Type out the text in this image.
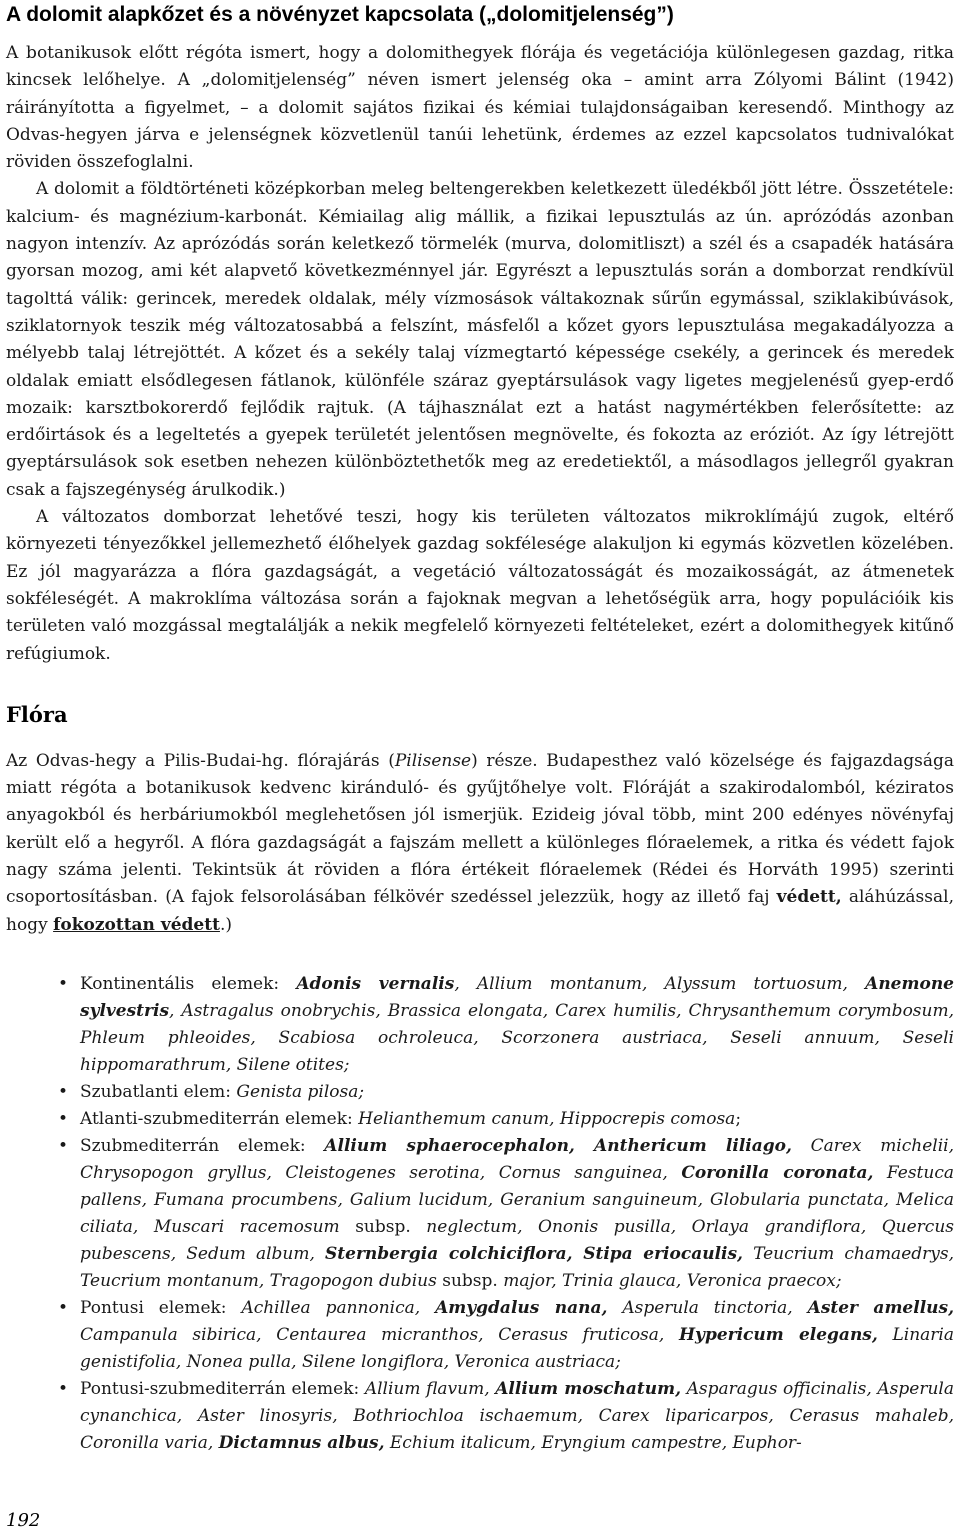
A dolomit alapkőzet és a növényzet kapcsolata („dolomitjelenség”)

A botanikusok előtt régóta ismert, hogy a dolomithegyek flórája és vegetációja különlegesen gazdag, ritka kincsek lelőhelye. A „dolomitjelenség” néven ismert jelenség oka – amint arra Zólyomi Bálint (1942) ráirányította a figyelmet, – a dolomit sajátos fizikai és kémiai tulajdonságaiban keresendő. Minthogy az Odvas-hegyen járva e jelenségnek közvetlenül tanúi lehetünk, érdemes az ezzel kapcsolatos tudnivalókat röviden összefoglalni.

A dolomit a földtörténeti középkorban meleg beltengerekben keletkezett üledékből jött létre. Összetétele: kalcium- és magnézium-karbonát. Kémiailag alig mállik, a fizikai lepusztulás az ún. aprózódás azonban nagyon intenzív. Az aprózódás során keletkező törmelék (murva, dolomitliszt) a szél és a csapadék hatására gyorsan mozog, ami két alapvető következménnyel jár. Egyrészt a lepusztulás során a domborzat rendkívül tagolttá válik: gerincek, meredek oldalak, mély vízmosások váltakoznak sűrűn egymással, sziklakibúvások, sziklatornyok teszik még változatosabbá a felszínt, másfelől a kőzet gyors lepusztulása megakadályozza a mélyebb talaj létrejöttét. A kőzet és a sekély talaj vízmegtartó képessége csekély, a gerincek és meredek oldalak emiatt elsődlegesen fátlanok, különféle száraz gyeptársulások vagy ligetes megjelenésű gyep-erdő mozaik: karsztbokorerdő fejlődik rajtuk. (A tájhasználat ezt a hatást nagymértékben felerősítette: az erdőirtások és a legeltetés a gyepek területét jelentősen megnövelte, és fokozta az eróziót. Az így létrejött gyeptársulások sok esetben nehezen különböztethetők meg az eredetiektől, a másodlagos jellegről gyakran csak a fajszegénység árulkodik.)

A változatos domborzat lehetővé teszi, hogy kis területen változatos mikroklímájú zugok, eltérő környezeti tényezőkkel jellemezhető élőhelyek gazdag sokfélesége alakuljon ki egymás közvetlen közelében. Ez jól magyarázza a flóra gazdagságát, a vegetáció változatosságát és mozaikosságát, az átmenetek sokféleségét. A makroklíma változása során a fajoknak megvan a lehetőségük arra, hogy populációik kis területen való mozgással megtalálják a nekik megfelelő környezeti feltételeket, ezért a dolomithegyek kitűnő refúgiumok.

Flóra

Az Odvas-hegy a Pilis-Budai-hg. flórajárás (Pilisense) része. Budapesthez való közelsége és fajgazdagsága miatt régóta a botanikusok kedvenc kiránduló- és gyűjtőhelye volt. Flóráját a szakirodalomból, kéziratos anyagokból és herbáriumokból meglehetősen jól ismerjük. Ezideig jóval több, mint 200 edényes növényfaj került elő a hegyről. A flóra gazdagságát a fajszám mellett a különleges flóraelemek, a ritka és védett fajok nagy száma jelenti. Tekintsük át röviden a flóra értékeit flóraelemek (Rédei és Horváth 1995) szerinti csoportosításban. (A fajok felsorolásában félkövér szedéssel jelezzük, hogy az illető faj védett, aláhúzással, hogy fokozottan védett.)

• Kontinentális elemek: Adonis vernalis, Allium montanum, Alyssum tortuosum, Anemone sylvestris, Astragalus onobrychis, Brassica elongata, Carex humilis, Chrysanthemum corymbosum, Phleum phleoides, Scabiosa ochroleuca, Scorzonera austriaca, Seseli annuum, Seseli hippomarathrum, Silene otites;
• Szubatlanti elem: Genista pilosa;
• Atlanti-szubmediterrán elemek: Helianthemum canum, Hippocrepis comosa;
• Szubmediterrán elemek: Allium sphaerocephalon, Anthericum liliago, Carex michelii, Chrysopogon gryllus, Cleistogenes serotina, Cornus sanguinea, Coronilla coronata, Festuca pallens, Fumana procumbens, Galium lucidum, Geranium sanguineum, Globularia punctata, Melica ciliata, Muscari racemosum subsp. neglectum, Ononis pusilla, Orlaya grandiflora, Quercus pubescens, Sedum album, Sternbergia colchiciflora, Stipa eriocaulis, Teucrium chamaedrys, Teucrium montanum, Tragopogon dubius subsp. major, Trinia glauca, Veronica praecox;
• Pontusi elemek: Achillea pannonica, Amygdalus nana, Asperula tinctoria, Aster amellus, Campanula sibirica, Centaurea micranthos, Cerasus fruticosa, Hypericum elegans, Linaria genistifolia, Nonea pulla, Silene longiflora, Veronica austriaca;
• Pontusi-szubmediterrán elemek: Allium flavum, Allium moschatum, Asparagus officinalis, Asperula cynanchica, Aster linosyris, Bothriochloa ischaemum, Carex liparicarpos, Cerasus mahaleb, Coronilla varia, Dictamnus albus, Echium italicum, Eryngium campestre, Euphor-
192
